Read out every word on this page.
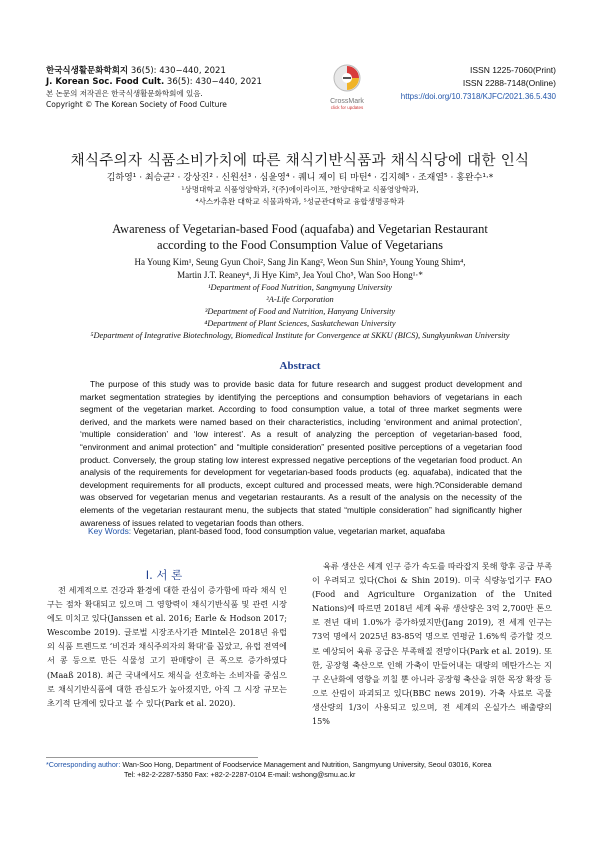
한국식생활문화학회지 36(5): 430−440, 2021
J. Korean Soc. Food Cult. 36(5): 430−440, 2021
본 논문의 저작권은 한국식생활문화학회에 있음.
Copyright © The Korean Society of Food Culture	CrossMark
click for updates
ISSN 1225-7060(Print)
ISSN 2288-7148(Online)
https://doi.org/10.7318/KJFC/2021.36.5.430
채식주의자 식품소비가치에 따른 채식기반식품과 채식식당에 대한 인식
김하영¹ · 최승균² · 강상진² · 신원선³ · 심윤영⁴ · 퀘니 제이 티 마틴⁴ · 김지혜⁵ · 조재열⁵ · 홍완수¹·*
¹상명대학교 식품영양학과, ²(주)에이라이프, ³한양대학교 식품영양학과,
⁴사스카츄완 대학교 식물과학과, ⁵성균관대학교 융합생명공학과
Awareness of Vegetarian-based Food (aquafaba) and Vegetarian Restaurant
according to the Food Consumption Value of Vegetarians
Ha Young Kim¹, Seung Gyun Choi², Sang Jin Kang², Weon Sun Shin³, Young Young Shim⁴,
Martin J.T. Reaney⁴, Ji Hye Kim⁵, Jea Youl Cho⁵, Wan Soo Hong¹·*
¹Department of Food Nutrition, Sangmyung University
²A-Life Corporation
³Department of Food and Nutrition, Hanyang University
⁴Department of Plant Sciences, Saskatchewan University
⁵Department of Integrative Biotechnology, Biomedical Institute for Convergence at SKKU (BICS), Sungkyunkwan University
Abstract

The purpose of this study was to provide basic data for future research and suggest product development and market segmentation strategies by identifying the perceptions and consumption behaviors of vegetarians in each segment of the vegetarian market. According to food consumption value, a total of three market segments were derived, and the markets were named based on their characteristics, including ‘environment and animal protection’, ‘multiple consideration’ and ‘low interest’. As a result of analyzing the perception of vegetarian-based food, “environment and animal protection” and “multiple consideration” presented positive perceptions of a vegetarian food product. Conversely, the group stating low interest expressed negative perceptions of the vegetarian food product. An analysis of the requirements for development for vegetarian-based foods products (eg. aquafaba), indicated that the development requirements for all products, except cultured and processed meats, were high.?Considerable demand was observed for vegetarian menus and vegetarian restaurants. As a result of the analysis on the necessity of the elements of the vegetarian restaurant menu, the subjects that stated “multiple consideration” had significantly higher awareness of issues related to vegetarian foods than others.

Key Words: Vegetarian, plant-based food, food consumption value, vegetarian market, aquafaba
I. 서 론

전 세계적으로 건강과 환경에 대한 관심이 증가함에 따라 채식 인구는 점차 확대되고 있으며 그 영향력이 채식기반식품 및 관련 시장에도 미치고 있다(Janssen et al. 2016; Earle & Hodson 2017; Wescombe 2019). 글로벌 시장조사기관 Mintel은 2018년 유럽의 식품 트렌드로 ‘비건과 채식주의자의 확대’를 꼽았고, 유럽 전역에서 콩 등으로 만든 식물성 고기 판매량이 큰 폭으로 증가하였다(Maaß 2018). 최근 국내에서도 채식을 선호하는 소비자를 중심으로 채식기반식품에 대한 관심도가 높아졌지만, 아직 그 시장 규모는 초기적 단계에 있다고 볼 수 있다(Park et al. 2020).

육류 생산은 세계 인구 증가 속도를 따라잡지 못해 향후 공급 부족이 우려되고 있다(Choi & Shin 2019). 미국 식량농업기구 FAO (Food and Agriculture Organization of the United Nations)에 따르면 2018년 세계 육류 생산량은 3억 2,700만 톤으로 전년 대비 1.0%가 증가하였지만(Jang 2019), 전 세계 인구는 73억 명에서 2025년 83-85억 명으로 연평균 1.6%씩 증가할 것으로 예상되어 육류 공급은 부족해질 전망이다(Park et al. 2019). 또한, 공장형 축산으로 인해 가축이 만들어내는 대량의 메탄가스는 지구 온난화에 영향을 끼칠 뿐 아니라 공장형 축산을 위한 목장 확장 등으로 산림이 파괴되고 있다(BBC news 2019). 가축 사료로 곡물 생산량의 1/3이 사용되고 있으며, 전 세계의 온실가스 배출량의 15%

*Corresponding author: Wan-Soo Hong, Department of Foodservice Management and Nutrition, Sangmyung University, Seoul 03016, Korea
Tel: +82-2-2287-5350 Fax: +82-2-2287-0104 E-mail: wshong@smu.ac.kr
